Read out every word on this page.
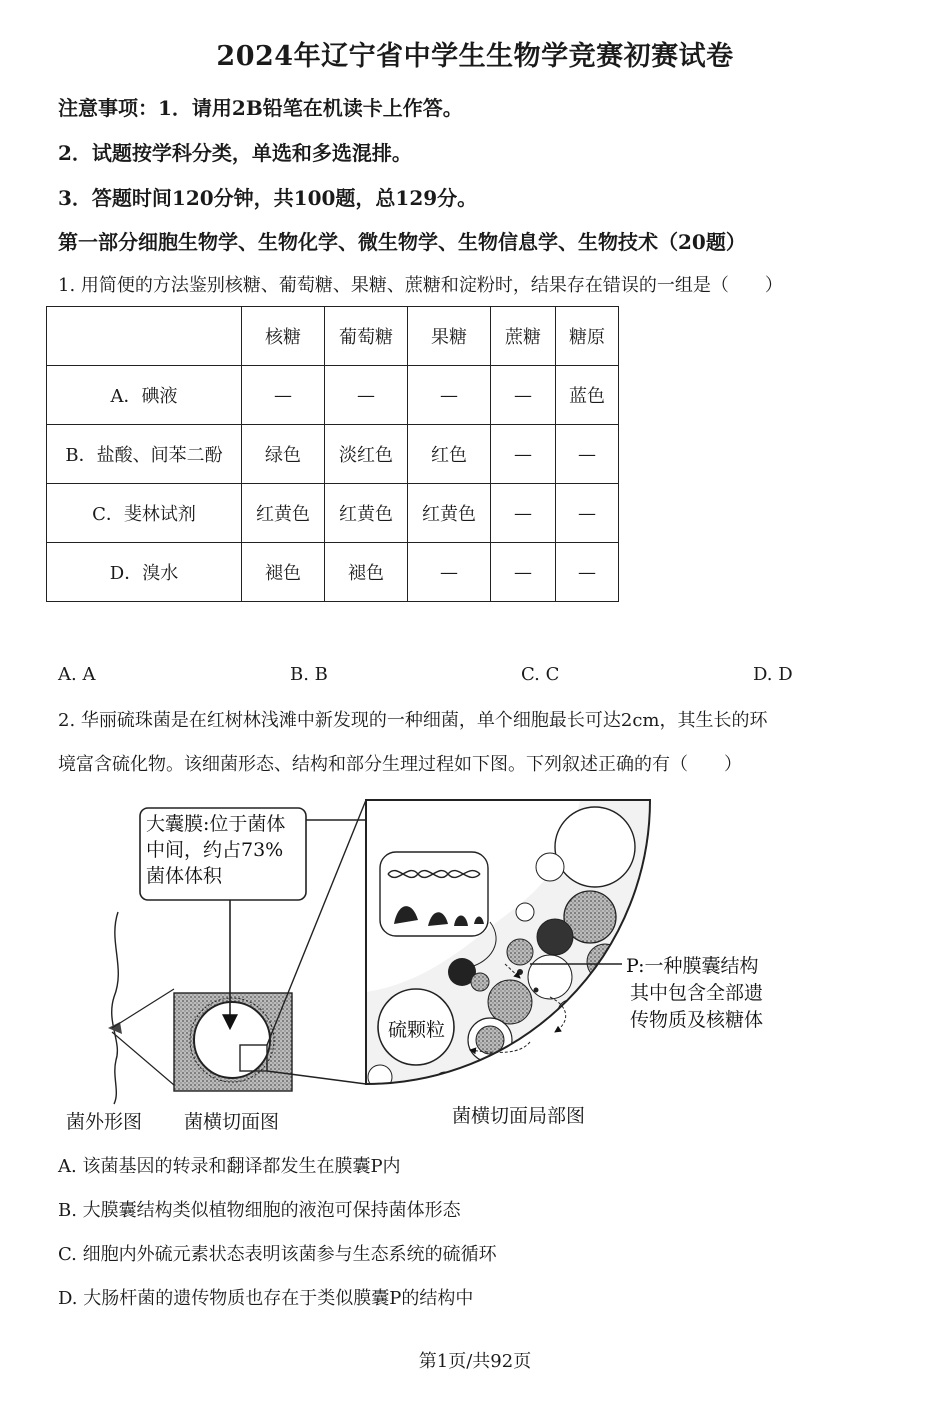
2024年辽宁省中学生生物学竞赛初赛试卷
注意事项：1．请用2B铅笔在机读卡上作答。
2．试题按学科分类，单选和多选混排。
3．答题时间120分钟，共100题，总129分。
第一部分细胞生物学、生物化学、微生物学、生物信息学、生物技术（20题）
1. 用简便的方法鉴别核糖、葡萄糖、果糖、蔗糖和淀粉时，结果存在错误的一组是（　　）
	核糖	葡萄糖	果糖	蔗糖	糖原
A．碘液	—	—	—	—	蓝色
B．盐酸、间苯二酚	绿色	淡红色	红色	—	—
C．斐林试剂	红黄色	红黄色	红黄色	—	—
D．溴水	褪色	褪色	—	—	—
A. A	B. B	C. C	D. D
2. 华丽硫珠菌是在红树林浅滩中新发现的一种细菌，单个细胞最长可达2cm，其生长的环
境富含硫化物。该细菌形态、结构和部分生理过程如下图。下列叙述正确的有（　　）
大囊膜:位于菌体
中间，约占73%
菌体体积
P:一种膜囊结构
其中包含全部遗
传物质及核糖体
硫颗粒
菌外形图 菌横切面图	菌横切面局部图
A. 该菌基因的转录和翻译都发生在膜囊P内
B. 大膜囊结构类似植物细胞的液泡可保持菌体形态
C. 细胞内外硫元素状态表明该菌参与生态系统的硫循环
D. 大肠杆菌的遗传物质也存在于类似膜囊P的结构中
第1页/共92页
